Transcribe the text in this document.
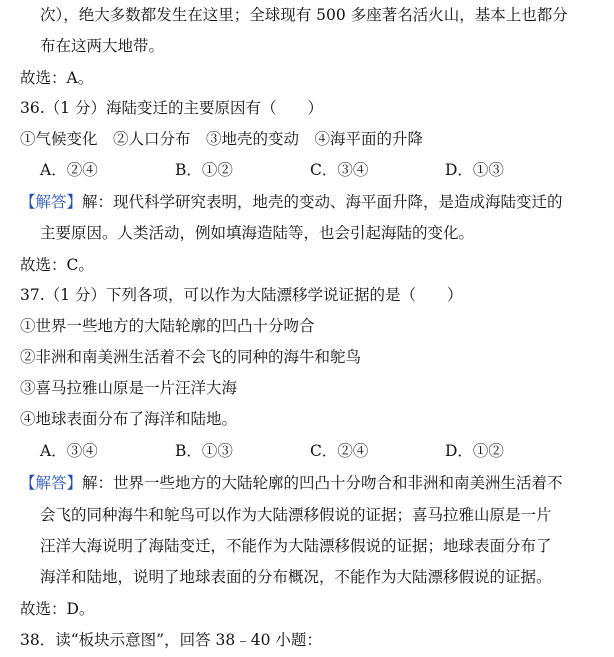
次），绝大多数都发生在这里；全球现有 500 多座著名活火山，基本上也都分
布在这两大地带。
故选：A。
36.（1 分）海陆变迁的主要原因有（　　）
①气候变化　②人口分布　③地壳的变动　④海平面的升降
A．②④	B．①②	C．③④	D．①③
【解答】解：现代科学研究表明，地壳的变动、海平面升降，是造成海陆变迁的
主要原因。人类活动，例如填海造陆等，也会引起海陆的变化。
故选：C。
37.（1 分）下列各项，可以作为大陆漂移学说证据的是（　　）
①世界一些地方的大陆轮廓的凹凸十分吻合
②非洲和南美洲生活着不会飞的同种的海牛和鸵鸟
③喜马拉雅山原是一片汪洋大海
④地球表面分布了海洋和陆地。
A．③④	B．①③	C．②④	D．①②
【解答】解：世界一些地方的大陆轮廓的凹凸十分吻合和非洲和南美洲生活着不
会飞的同种海牛和鸵鸟可以作为大陆漂移假说的证据；喜马拉雅山原是一片
汪洋大海说明了海陆变迁，不能作为大陆漂移假说的证据；地球表面分布了
海洋和陆地，说明了地球表面的分布概况，不能作为大陆漂移假说的证据。
故选：D。
38．读“板块示意图”，回答 38﹣40 小题：
